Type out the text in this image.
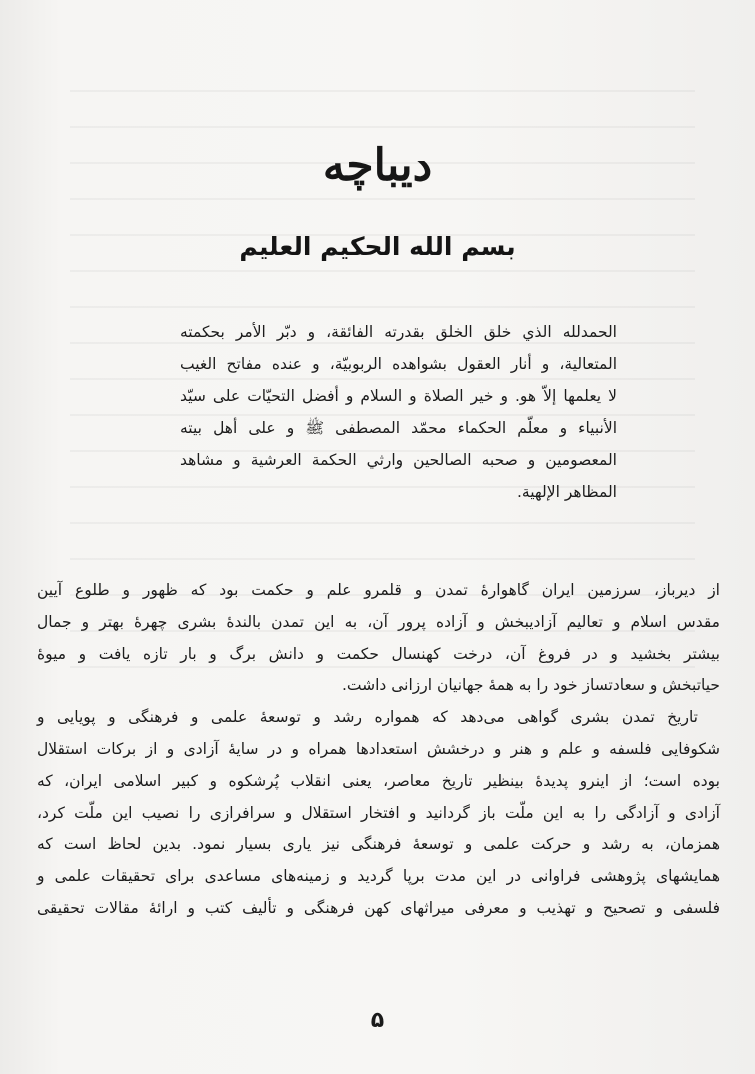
دیباچه
بسم الله الحکیم العلیم
الحمدلله الذي خلق الخلق بقدرته الفائقة، و دبّر الأمر بحكمته
المتعالية، و أنار العقول بشواهده الربوبيّة، و عنده مفاتح الغيب
لا يعلمها إلاّ هو. و خير الصلاة و السلام و أفضل التحيّات على سيّد
الأنبياء و معلّم الحكماء محمّد المصطفى ﷺ و على أهل بيته
المعصومين و صحبه الصالحين وارثي الحكمة العرشية و مشاهد
المظاهر الإلهية.
از دیرباز، سرزمین ایران گاهوارهٔ تمدن و قلمرو علم و حکمت بود که ظهور و طلوع آیین
مقدس اسلام و تعالیم آزادیبخش و آزاده پرور آن، به این تمدن بالندهٔ بشری چهرهٔ بهتر و جمال
بیشتر بخشید و در فروغ آن، درخت کهنسال حکمت و دانش برگ و بار تازه یافت و میوهٔ
حیاتبخش و سعادتساز خود را به همهٔ جهانیان ارزانی داشت.
تاریخ تمدن بشری گواهی می‌دهد که همواره رشد و توسعهٔ علمی و فرهنگی و پویایی و
شکوفایی فلسفه و علم و هنر و درخشش استعدادها همراه و در سایهٔ آزادی و از برکات استقلال
بوده است؛ از اینرو پدیدهٔ بینظیر تاریخ معاصر، یعنی انقلاب پُرشکوه و کبیر اسلامی ایران، که
آزادی و آزادگی را به این ملّت باز گردانید و افتخار استقلال و سرافرازی را نصیب این ملّت کرد،
همزمان، به رشد و حرکت علمی و توسعهٔ فرهنگی نیز یاری بسیار نمود. بدین لحاظ است که
همایشهای پژوهشی فراوانی در این مدت برپا گردید و زمینه‌های مساعدی برای تحقیقات علمی و
فلسفی و تصحیح و تهذیب و معرفی میراثهای کهن فرهنگی و تألیف کتب و ارائهٔ مقالات تحقیقی
۵
